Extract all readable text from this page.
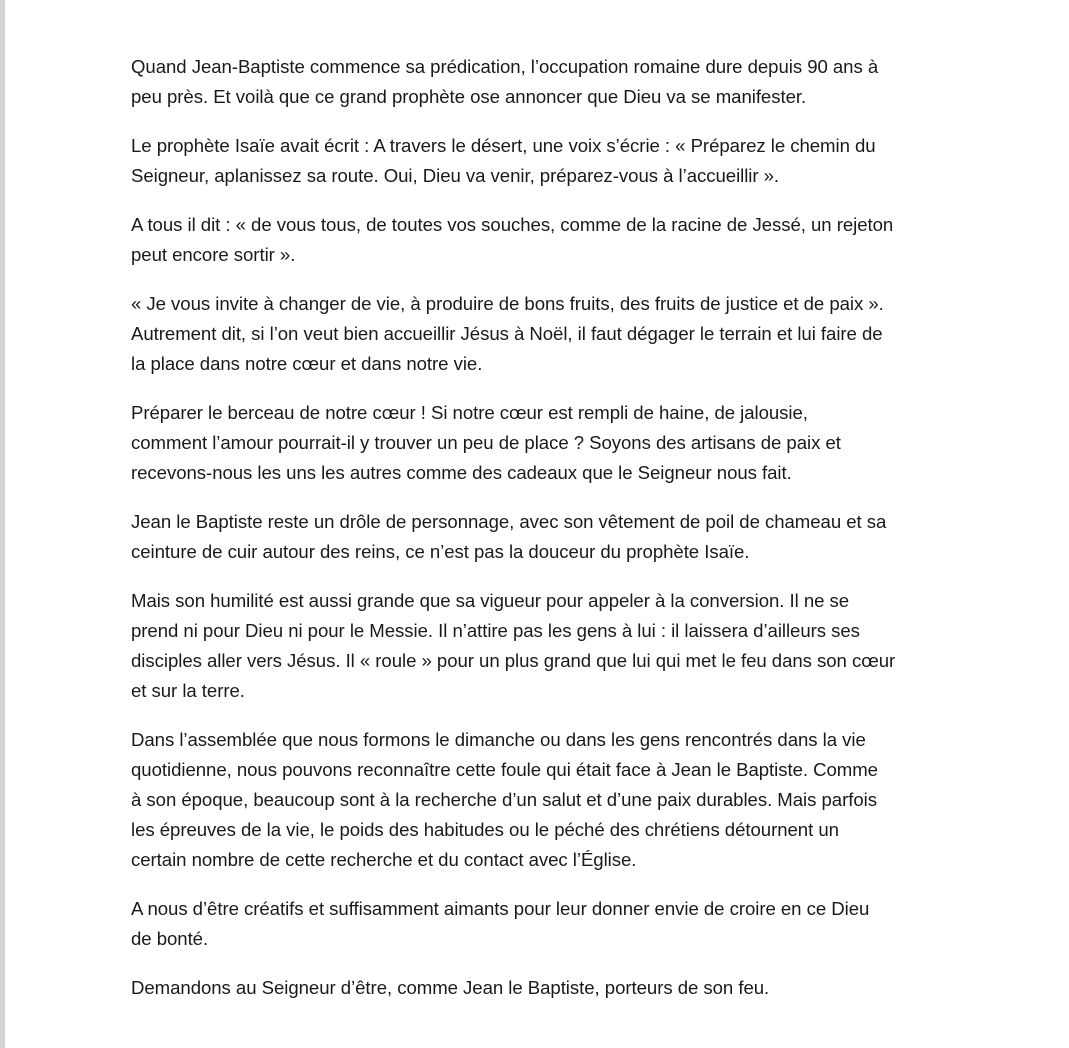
Quand Jean-Baptiste commence sa prédication, l’occupation romaine dure depuis 90 ans à
peu près. Et voilà que ce grand prophète ose annoncer que Dieu va se manifester.

Le prophète Isaïe avait écrit : A travers le désert, une voix s’écrie : « Préparez le chemin du
Seigneur, aplanissez sa route. Oui, Dieu va venir, préparez-vous à l’accueillir ».

A tous il dit : « de vous tous, de toutes vos souches, comme de la racine de Jessé, un rejeton
peut encore sortir ».

« Je vous invite à changer de vie, à produire de bons fruits, des fruits de justice et de paix ».
Autrement dit, si l’on veut bien accueillir Jésus à Noël, il faut dégager le terrain et lui faire de
la place dans notre cœur et dans notre vie.

Préparer le berceau de notre cœur ! Si notre cœur est rempli de haine, de jalousie,
comment l’amour pourrait-il y trouver un peu de place ? Soyons des artisans de paix et
recevons-nous les uns les autres comme des cadeaux que le Seigneur nous fait.

Jean le Baptiste reste un drôle de personnage, avec son vêtement de poil de chameau et sa
ceinture de cuir autour des reins, ce n’est pas la douceur du prophète Isaïe.

Mais son humilité est aussi grande que sa vigueur pour appeler à la conversion. Il ne se
prend ni pour Dieu ni pour le Messie. Il n’attire pas les gens à lui : il laissera d’ailleurs ses
disciples aller vers Jésus. Il « roule » pour un plus grand que lui qui met le feu dans son cœur
et sur la terre.

Dans l’assemblée que nous formons le dimanche ou dans les gens rencontrés dans la vie
quotidienne, nous pouvons reconnaître cette foule qui était face à Jean le Baptiste. Comme
à son époque, beaucoup sont à la recherche d’un salut et d’une paix durables. Mais parfois
les épreuves de la vie, le poids des habitudes ou le péché des chrétiens détournent un
certain nombre de cette recherche et du contact avec l’Église.

A nous d’être créatifs et suffisamment aimants pour leur donner envie de croire en ce Dieu
de bonté.

Demandons au Seigneur d’être, comme Jean le Baptiste, porteurs de son feu.
